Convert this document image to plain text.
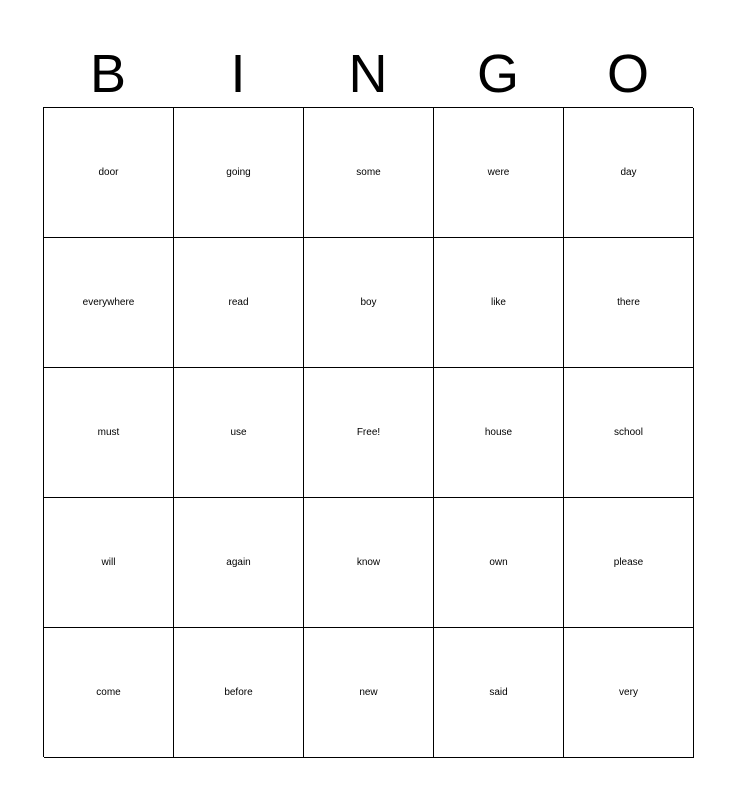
B	I	N	G	O
door	going	some	were	day
everywhere	read	boy	like	there
must	use	Free!	house	school
will	again	know	own	please
come	before	new	said	very
